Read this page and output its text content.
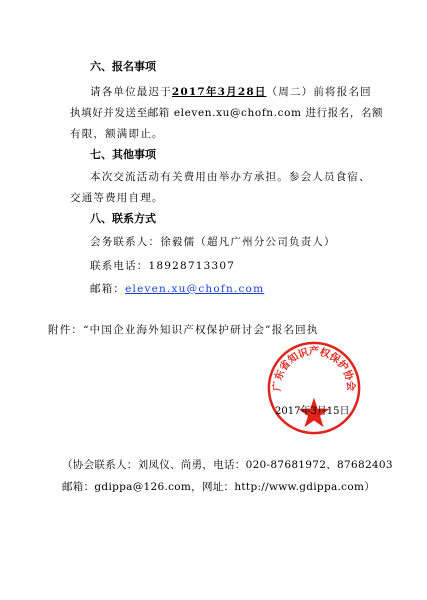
六、报名事项
请各单位最迟于2017年3月28日（周二）前将报名回
执填好并发送至邮箱 eleven.xu@chofn.com 进行报名，名额
有限，额满即止。
七、其他事项
本次交流活动有关费用由举办方承担。参会人员食宿、
交通等费用自理。
八、联系方式
会务联系人：徐毅儒（超凡广州分公司负责人）
联系电话：18928713307
邮箱：eleven.xu@chofn.com
附件：“中国企业海外知识产权保护研讨会”报名回执
广东省知识产权保护协会
2017年3月15日
（协会联系人：刘凤仪、尚勇，电话：020-87681972、87682403
邮箱：gdippa@126.com，网址：http://www.gdippa.com）
